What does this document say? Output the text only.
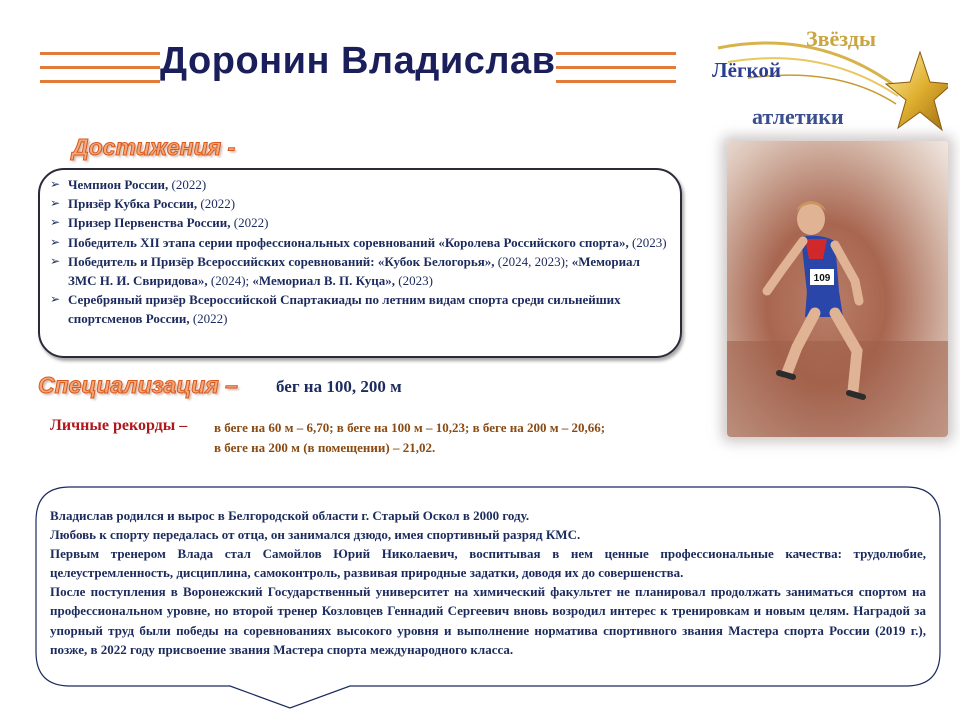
Доронин Владислав
Звёзды
Лёгкой
атлетики
Достижения -
➢ Чемпион России, (2022)
➢ Призёр Кубка России, (2022)
➢ Призер Первенства России, (2022)
➢ Победитель XII этапа серии профессиональных соревнований «Королева Российского спорта», (2023)
➢ Победитель и Призёр Всероссийских соревнований: «Кубок Белогорья», (2024, 2023); «Мемориал ЗМС Н. И. Свиридова», (2024); «Мемориал В. П. Куца», (2023)
➢ Серебряный призёр Всероссийской Спартакиады по летним видам спорта среди сильнейших спортсменов России, (2022)
Специализация – бег на 100, 200 м
109
Личные рекорды – в беге на 60 м – 6,70; в беге на 100 м – 10,23; в беге на 200 м – 20,66;
в беге на 200 м (в помещении) – 21,02.

Владислав родился и вырос в Белгородской области г. Старый Оскол в 2000 году.

Любовь к спорту передалась от отца, он занимался дзюдо, имея спортивный разряд КМС.

Первым тренером Влада стал Самойлов Юрий Николаевич, воспитывая в нем ценные профессиональные качества: трудолюбие, целеустремленность, дисциплина, самоконтроль, развивая природные задатки, доводя их до совершенства.

После поступления в Воронежский Государственный университет на химический факультет не планировал продолжать заниматься спортом на профессиональном уровне, но второй тренер Козловцев Геннадий Сергеевич вновь возродил интерес к тренировкам и новым целям. Наградой за упорный труд были победы на соревнованиях высокого уровня и выполнение норматива спортивного звания Мастера спорта России (2019 г.), позже, в 2022 году присвоение звания Мастера спорта международного класса.
